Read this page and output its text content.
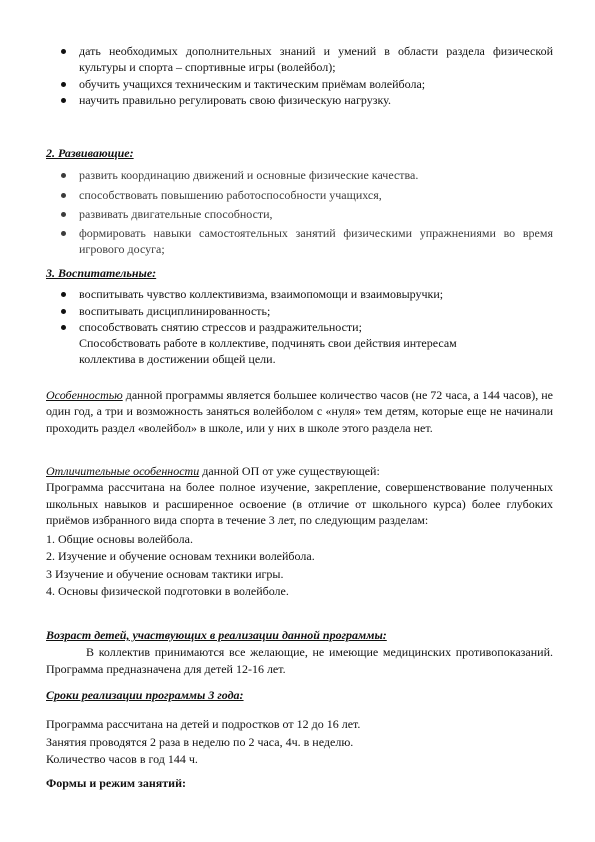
дать необходимых дополнительных знаний и умений в области раздела физической культуры и спорта – спортивные игры (волейбол);
обучить учащихся техническим и тактическим приёмам волейбола;
научить правильно регулировать свою физическую нагрузку.

2. Развивающие:

развить координацию движений и основные физические качества.
способствовать повышению работоспособности учащихся,
развивать двигательные способности,
формировать навыки самостоятельных занятий физическими упражнениями во время игрового досуга;

3. Воспитательные:

воспитывать чувство коллективизма, взаимопомощи и взаимовыручки;
воспитывать дисциплинированность;
способствовать снятию стрессов и раздражительности;

Способствовать работе в коллективе, подчинять свои действия интересам

коллектива в достижении общей цели.

Особенностью данной программы является большее количество часов (не 72 часа, а 144 часов), не один год, а три и возможность заняться волейболом с «нуля» тем детям, которые еще не начинали проходить раздел «волейбол» в школе, или у них в школе этого раздела нет.

Отличительные особенности данной ОП от уже существующей:

Программа рассчитана на более полное изучение, закрепление, совершенствование полученных школьных навыков и расширенное освоение (в отличие от школьного курса) более глубоких приёмов избранного вида спорта в течение 3 лет, по следующим разделам:

1. Общие основы волейбола.

2. Изучение и обучение основам техники волейбола.

3 Изучение и обучение основам тактики игры.

4. Основы физической подготовки в волейболе.

Возраст детей, участвующих в реализации данной программы:

В коллектив принимаются все желающие, не имеющие медицинских противопоказаний. Программа предназначена для детей 12-16 лет.

Сроки реализации программы 3 года:

Программа рассчитана на детей и подростков от 12 до 16 лет.

Занятия проводятся 2 раза в неделю по 2 часа, 4ч. в неделю.

Количество часов в год 144 ч.

Формы и режим занятий:
